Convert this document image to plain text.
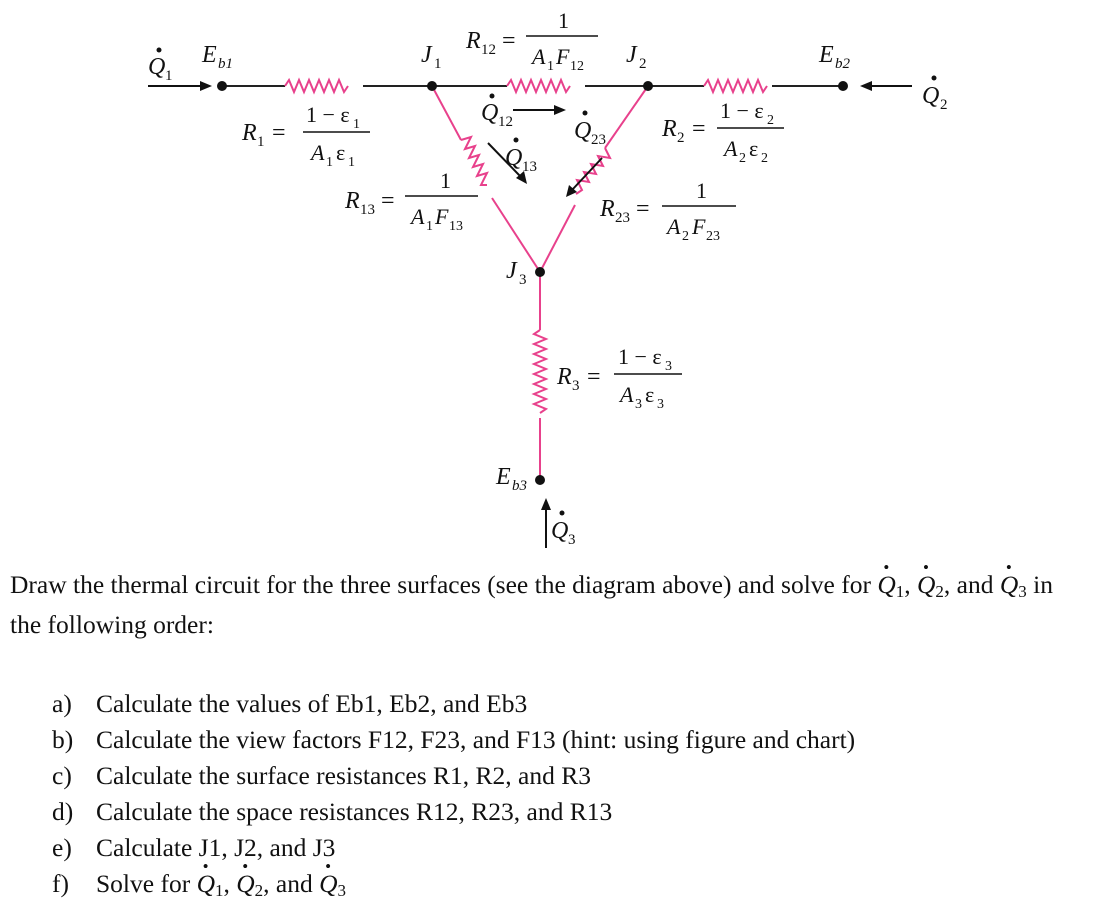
Q 1
Q 2
Q 3
Q 12
Q 13
Q 23
E b1	E b2
E b3
J 1	J 2
J 3
R 1 =
1 − ε 1
A 1 ε 1
R 2 =
1 − ε 2
A 2 ε 2
R 3 =
1 − ε 3
A 3 ε 3
R 12 =
1
A 1 F 12
R 13 =
1
A 1 F 13
R 23 =
1
A 2 F 23

Draw the thermal circuit for the three surfaces (see the diagram above) and solve for • $Q_1$, • $Q_2$, and • $Q_3$ in the following order:

a) Calculate the values of Eb1, Eb2, and Eb3
b) Calculate the view factors F12, F23, and F13 (hint: using figure and chart)
c) Calculate the surface resistances R1, R2, and R3
d) Calculate the space resistances R12, R23, and R13
e) Calculate J1, J2, and J3
f)	Solve for • $Q_1$, • $Q_2$, and • $Q_3$
